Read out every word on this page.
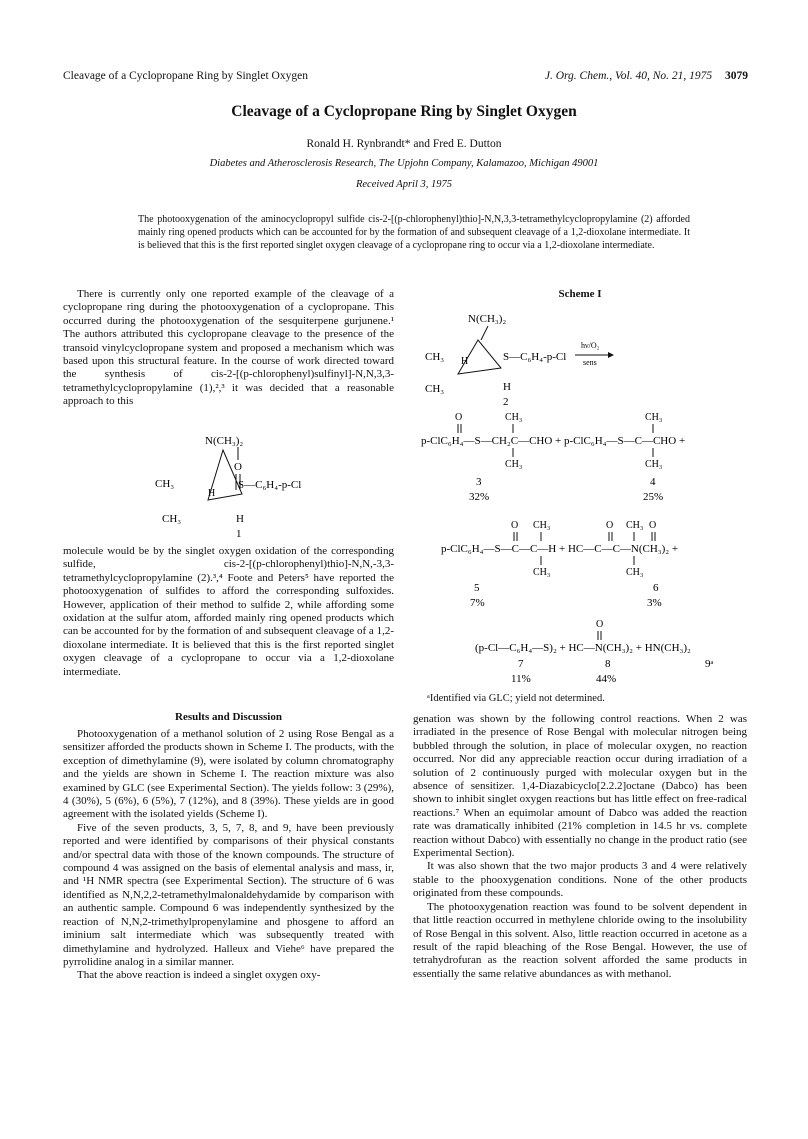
Cleavage of a Cyclopropane Ring by Singlet Oxygen	J. Org. Chem., Vol. 40, No. 21, 1975 3079
Cleavage of a Cyclopropane Ring by Singlet Oxygen
Ronald H. Rynbrandt* and Fred E. Dutton
Diabetes and Atherosclerosis Research, The Upjohn Company, Kalamazoo, Michigan 49001
Received April 3, 1975
The photooxygenation of the aminocyclopropyl sulfide cis-2-[(p-chlorophenyl)thio]-N,N,3,3-tetramethylcyclopropylamine (2) afforded mainly ring opened products which can be accounted for by the formation of and subsequent cleavage of a 1,2-dioxolane intermediate. It is believed that this is the first reported singlet oxygen cleavage of a cyclopropane ring to occur via a 1,2-dioxolane intermediate.

There is currently only one reported example of the cleavage of a cyclopropane ring during the photooxygenation of a cyclopropane. This occurred during the photooxygenation of the sesquiterpene gurjunene.¹ The authors attributed this cyclopropane cleavage to the presence of the transoid vinylcyclopropane system and proposed a mechanism which was based upon this structural feature. In the course of work directed toward the synthesis of cis-2-[(p-chlorophenyl)sulfinyl]-N,N,3,3-tetramethylcyclopropylamine (1),²,³ it was decided that a reasonable approach to this

N(CH₃)₂
O
H
CH₃	S—C₆H₄-p-Cl
CH₃	H
1

molecule would be by the singlet oxygen oxidation of the corresponding sulfide, cis-2-[(p-chlorophenyl)thio]-N,N,-3,3-tetramethylcyclopropylamine (2).³,⁴ Foote and Peters⁵ have reported the photooxygenation of sulfides to afford the corresponding sulfoxides. However, application of their method to sulfide 2, while affording some oxidation at the sulfur atom, afforded mainly ring opened products which can be accounted for by the formation of and subsequent cleavage of a 1,2-dioxolane intermediate. It is believed that this is the first reported singlet oxygen cleavage of a cyclopropane to occur via a 1,2-dioxolane intermediate.

Results and Discussion

Photooxygenation of a methanol solution of 2 using Rose Bengal as a sensitizer afforded the products shown in Scheme I. The products, with the exception of dimethylamine (9), were isolated by column chromatography and the yields are shown in Scheme I. The reaction mixture was also examined by GLC (see Experimental Section). The yields follow: 3 (29%), 4 (30%), 5 (6%), 6 (5%), 7 (12%), and 8 (39%). These yields are in good agreement with the isolated yields (Scheme I).

Five of the seven products, 3, 5, 7, 8, and 9, have been previously reported and were identified by comparisons of their physical constants and/or spectral data with those of the known compounds. The structure of compound 4 was assigned on the basis of elemental analysis and mass, ir, and ¹H NMR spectra (see Experimental Section). The structure of 6 was identified as N,N,2,2-tetramethylmalonaldehydamide by comparison with an authentic sample. Compound 6 was independently synthesized by the reaction of N,N,2-trimethylpropenylamine and phosgene to afford an iminium salt intermediate which was subsequently treated with dimethylamine and hydrolyzed. Halleux and Viehe⁶ have prepared the pyrrolidine analog in a similar manner.

That the above reaction is indeed a singlet oxygen oxy-

Scheme I
N(CH₃)₂
H
CH₃	S—C₆H₄-p-Cl
CH₃	H
2
hν/O₂
sens
O	CH₃	CH₃
p-ClC₆H₄—S—CH₂C—CHO + p-ClC₆H₄—S—C—CHO +
CH₃	CH₃
3
32%
4
25%
O CH₃	O CH₃ O
p-ClC₆H₄—S—C—C—H + HC—C—C—N(CH₃)₂ +
CH₃	CH₃
5
7%
6
3%
O
(p-Cl—C₆H₄—S)₂ + HC—N(CH₃)₂ + HN(CH₃)₂
7
11%
8
44%
9ᵃ
ᵃIdentified via GLC; yield not determined.

genation was shown by the following control reactions. When 2 was irradiated in the presence of Rose Bengal with molecular nitrogen being bubbled through the solution, in place of molecular oxygen, no reaction occurred. Nor did any appreciable reaction occur during irradiation of a solution of 2 continuously purged with molecular oxygen but in the absence of sensitizer. 1,4-Diazabicyclo[2.2.2]octane (Dabco) has been shown to inhibit singlet oxygen reactions but has little effect on free-radical reactions.⁷ When an equimolar amount of Dabco was added the reaction rate was dramatically inhibited (21% completion in 14.5 hr vs. complete reaction without Dabco) with essentially no change in the product ratio (see Experimental Section).

It was also shown that the two major products 3 and 4 were relatively stable to the phooxygenation conditions. None of the other products originated from these compounds.

The photooxygenation reaction was found to be solvent dependent in that little reaction occurred in methylene chloride owing to the insolubility of Rose Bengal in this solvent. Also, little reaction occurred in acetone as a result of the rapid bleaching of the Rose Bengal. However, the use of tetrahydrofuran as the reaction solvent afforded the same products in essentially the same relative abundances as with methanol.
